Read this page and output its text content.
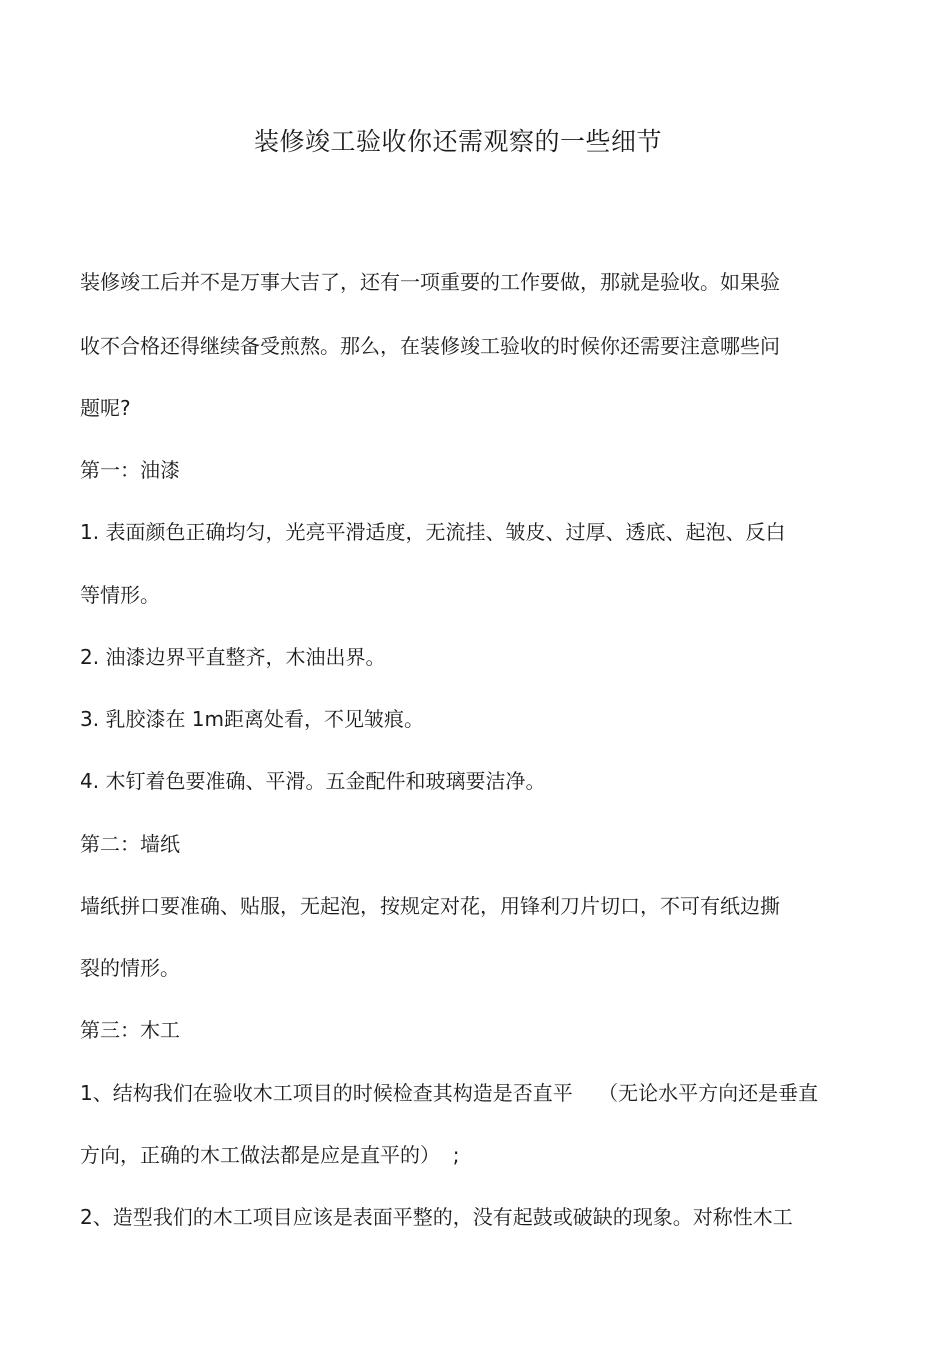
装修竣工验收你还需观察的一些细节
装修竣工后并不是万事大吉了，还有一项重要的工作要做，那就是验收。如果验
收不合格还得继续备受煎熬。那么，在装修竣工验收的时候你还需要注意哪些问
题呢?
第一：油漆
1. 表面颜色正确均匀，光亮平滑适度，无流挂、皱皮、过厚、透底、起泡、反白
等情形。
2. 油漆边界平直整齐，木油出界。
3. 乳胶漆在 1m距离处看，不见皱痕。
4. 木钉着色要准确、平滑。五金配件和玻璃要洁净。
第二：墙纸
墙纸拼口要准确、贴服，无起泡，按规定对花，用锋利刀片切口，不可有纸边撕
裂的情形。
第三：木工
1、结构我们在验收木工项目的时候检查其构造是否直平    （无论水平方向还是垂直
方向，正确的木工做法都是应是直平的）  ;
2、造型我们的木工项目应该是表面平整的，没有起鼓或破缺的现象。对称性木工
